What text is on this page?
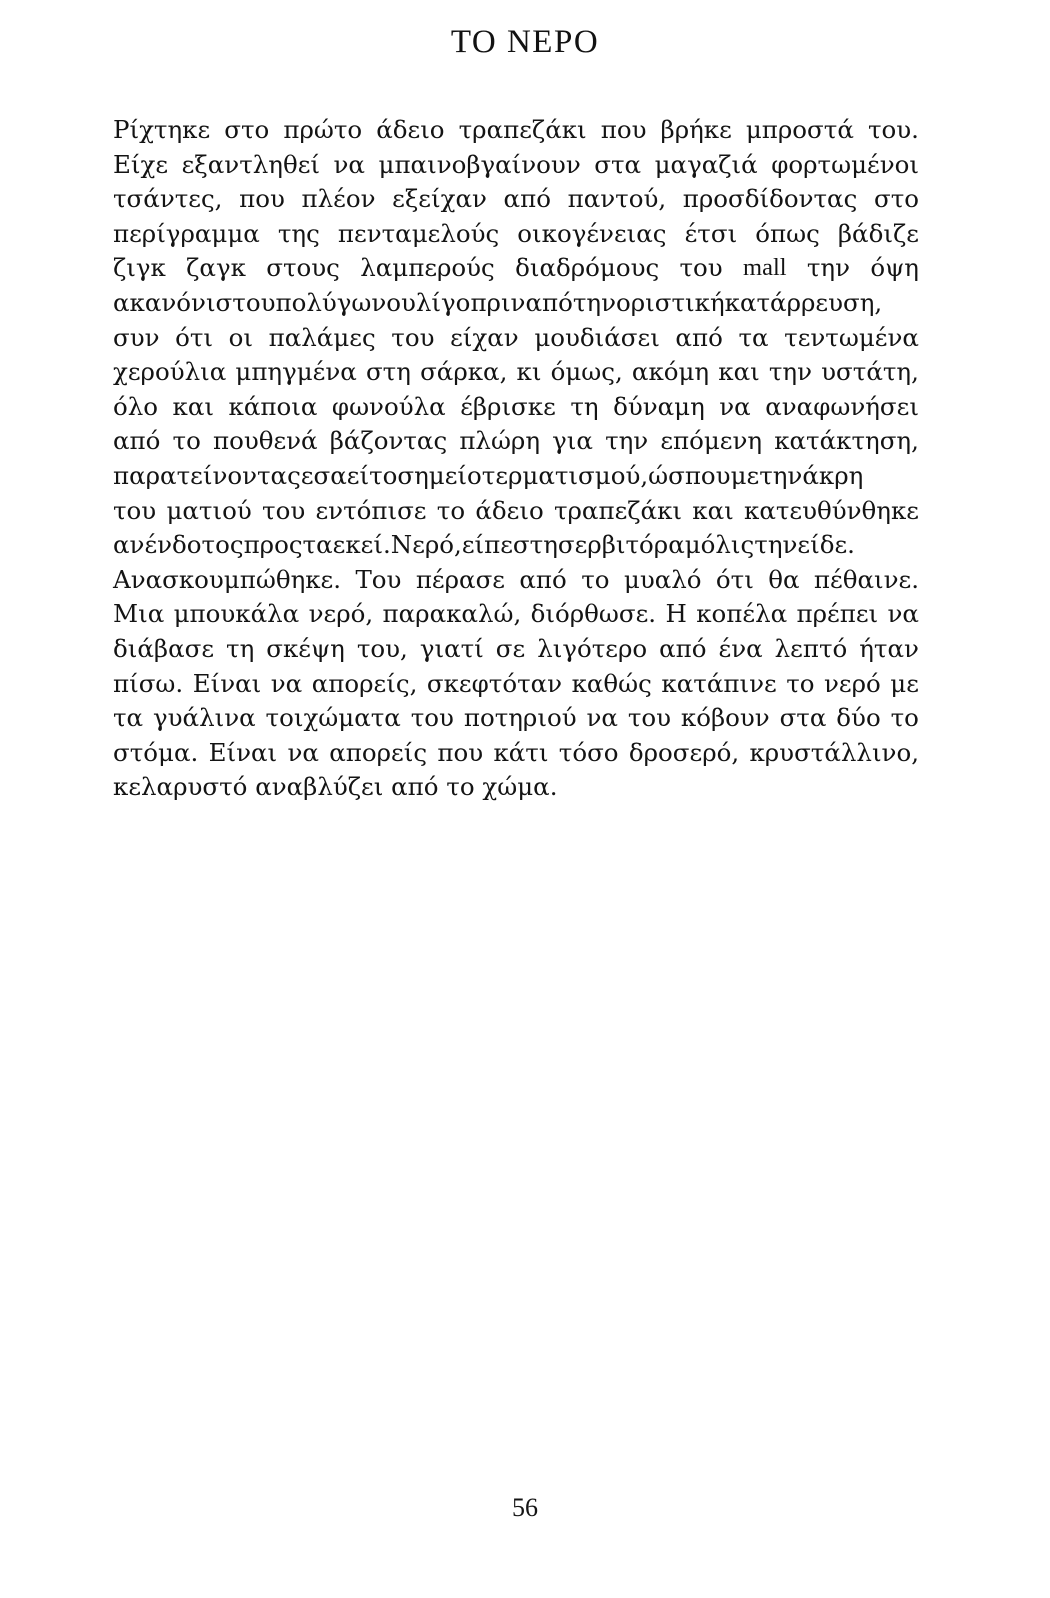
ΤΟ ΝΕΡΟ

Ρίχτηκε στο πρώτο άδειο τραπεζάκι που βρήκε μπροστά του.
Είχε εξαντληθεί να μπαινοβγαίνουν στα μαγαζιά φορτωμένοι
τσάντες, που πλέον εξείχαν από παντού, προσδίδοντας στο
περίγραμμα της πενταμελούς οικογένειας έτσι όπως βάδιζε
ζιγκ ζαγκ στους λαμπερούς διαδρόμους του mall την όψη
ακανόνιστου πολύγωνου λίγο πριν από την οριστική κατάρρευση,
συν ότι οι παλάμες του είχαν μουδιάσει από τα τεντωμένα
χερούλια μπηγμένα στη σάρκα, κι όμως, ακόμη και την υστάτη,
όλο και κάποια φωνούλα έβρισκε τη δύναμη να αναφωνήσει
από το πουθενά βάζοντας πλώρη για την επόμενη κατάκτηση,
παρατείνοντας εσαεί το σημείο τερματισμού, ώσπου με την άκρη
του ματιού του εντόπισε το άδειο τραπεζάκι και κατευθύνθηκε
ανένδοτος προς τα εκεί. Νερό, είπε στη σερβιτόρα μόλις την είδε.
Ανασκουμπώθηκε. Του πέρασε από το μυαλό ότι θα πέθαινε.
Μια μπουκάλα νερό, παρακαλώ, διόρθωσε. Η κοπέλα πρέπει να
διάβασε τη σκέψη του, γιατί σε λιγότερο από ένα λεπτό ήταν
πίσω. Είναι να απορείς, σκεφτόταν καθώς κατάπινε το νερό με
τα γυάλινα τοιχώματα του ποτηριού να του κόβουν στα δύο το
στόμα. Είναι να απορείς που κάτι τόσο δροσερό, κρυστάλλινο,
κελαρυστό αναβλύζει από το χώμα.

56
